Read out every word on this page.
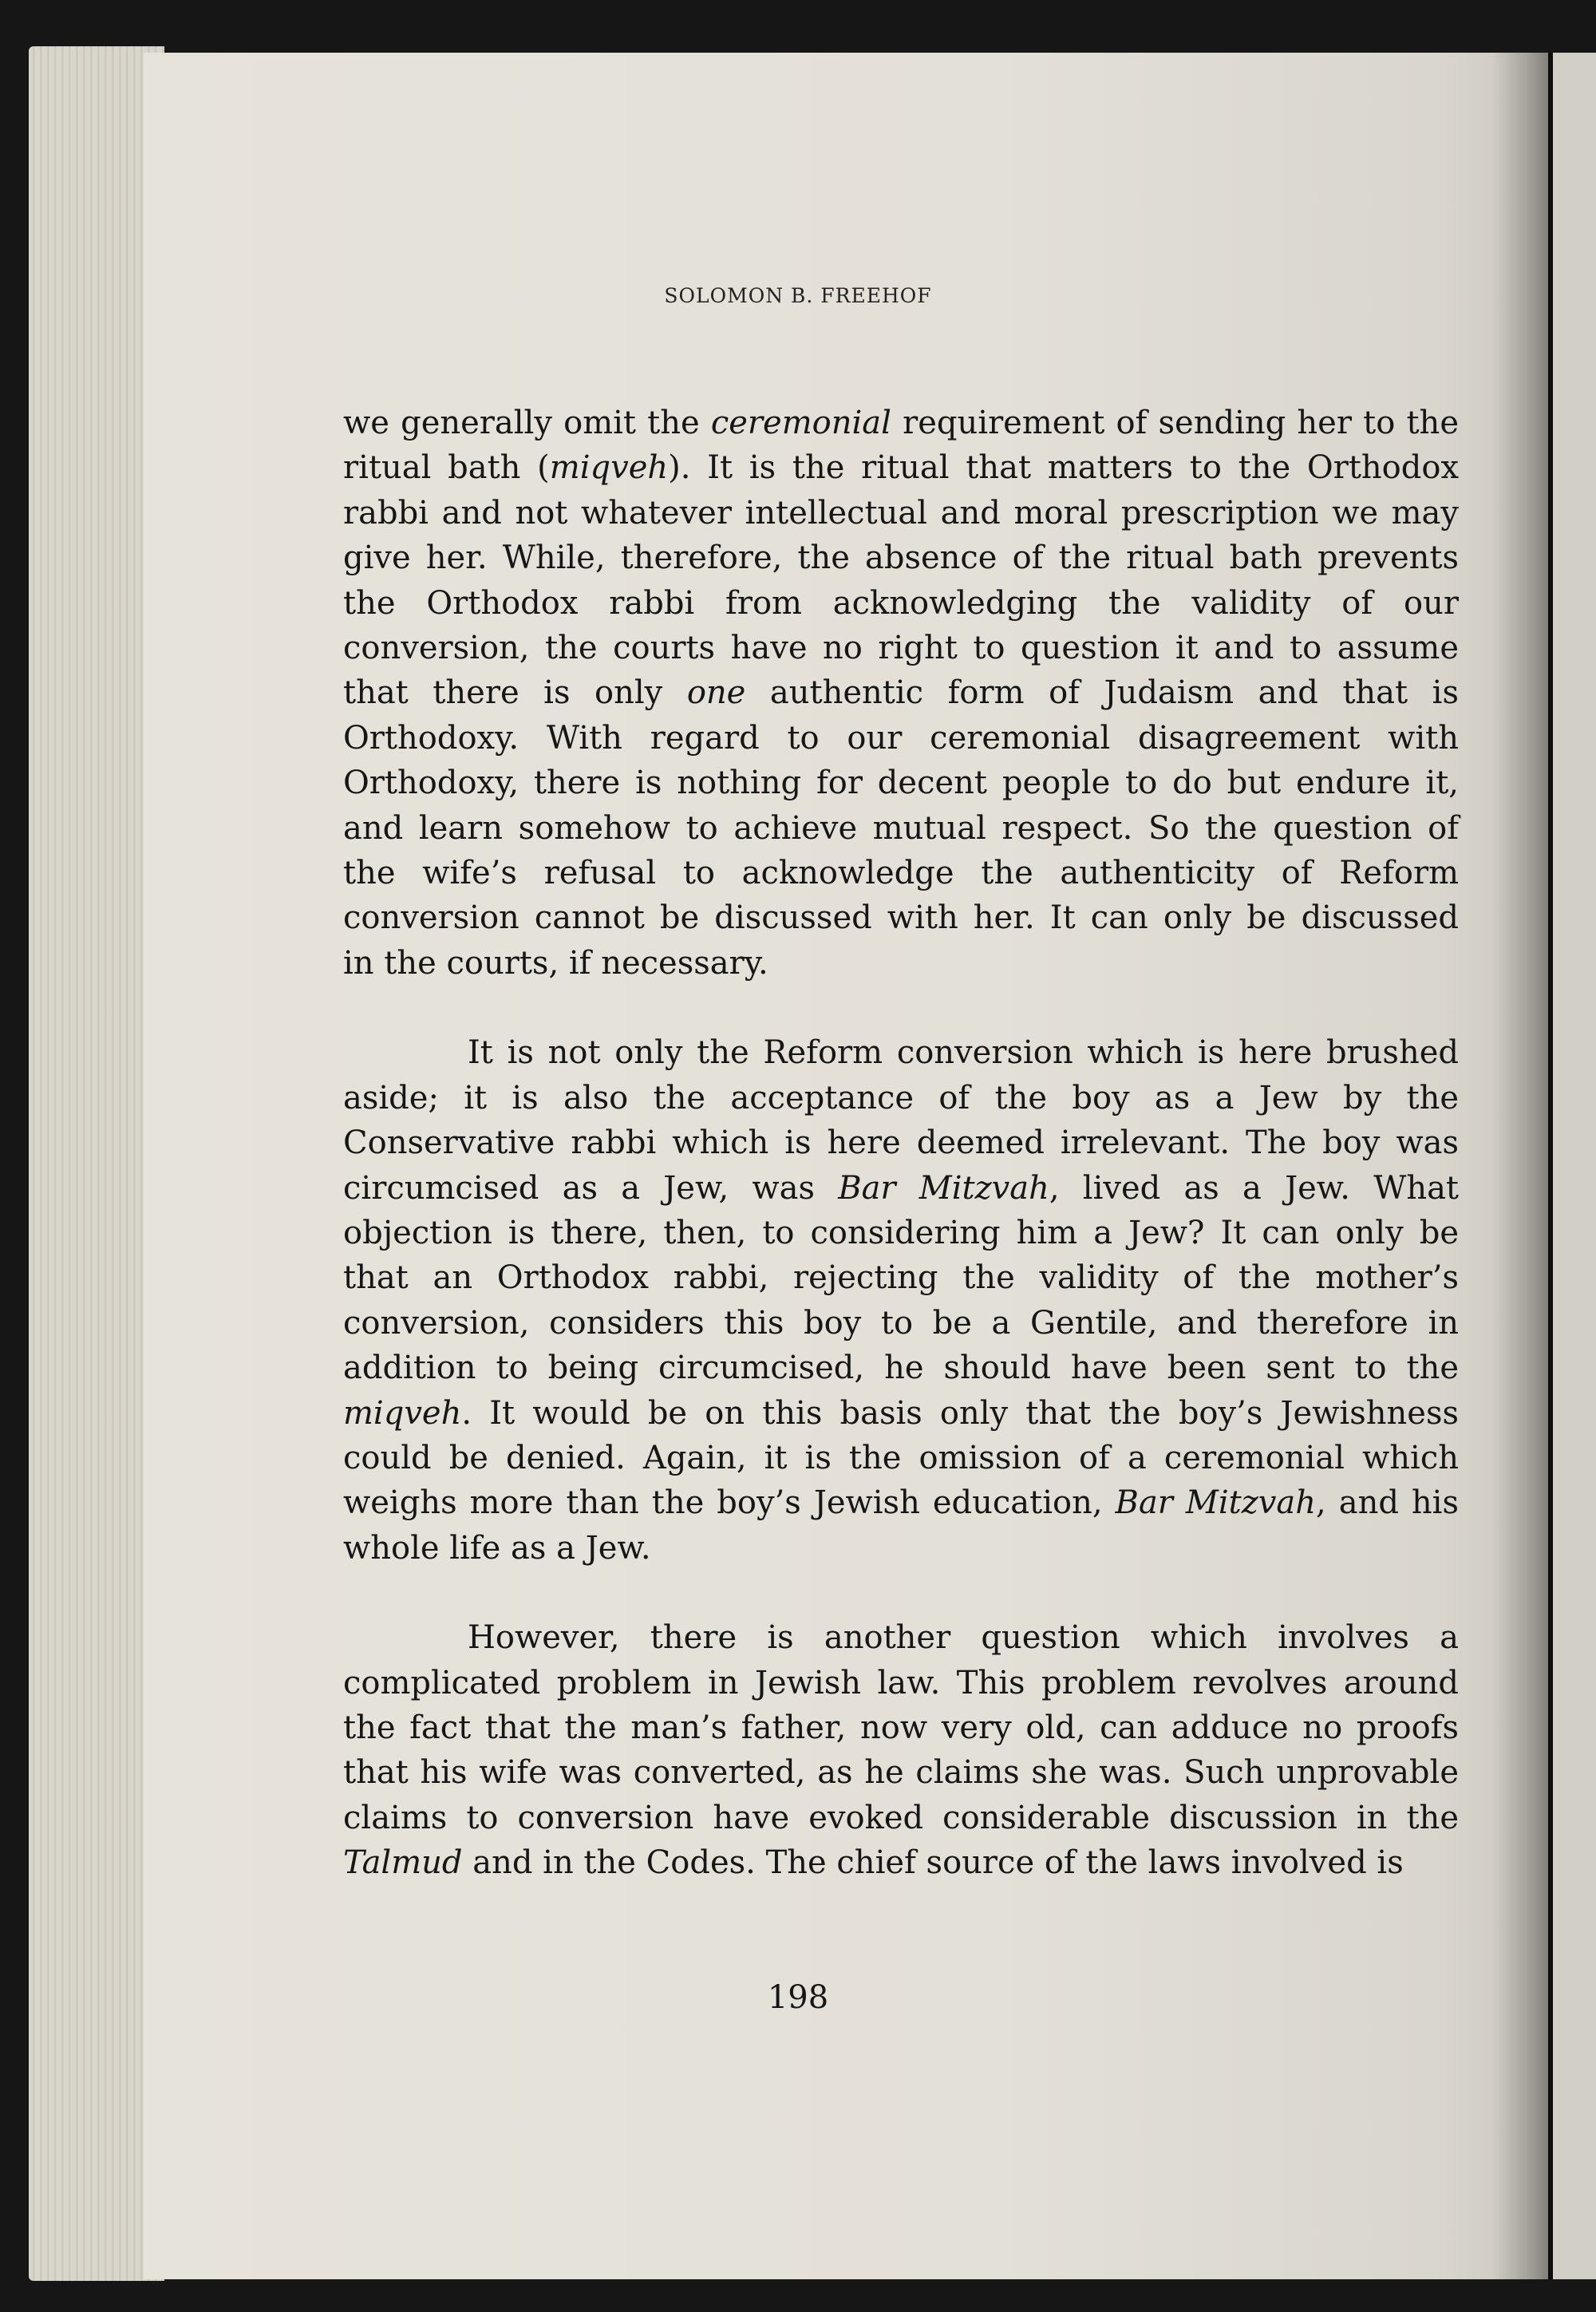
SOLOMON B. FREEHOF
we generally omit the ceremonial requirement of sending her to the
ritual bath (miqveh). It is the ritual that matters to the Orthodox
rabbi and not whatever intellectual and moral prescription we may
give her. While, therefore, the absence of the ritual bath prevents
the Orthodox rabbi from acknowledging the validity of our
conversion, the courts have no right to question it and to assume
that there is only one authentic form of Judaism and that is
Orthodoxy. With regard to our ceremonial disagreement with
Orthodoxy, there is nothing for decent people to do but endure it,
and learn somehow to achieve mutual respect. So the question of
the wife’s refusal to acknowledge the authenticity of Reform
conversion cannot be discussed with her. It can only be discussed
in the courts, if necessary.
It is not only the Reform conversion which is here brushed
aside; it is also the acceptance of the boy as a Jew by the
Conservative rabbi which is here deemed irrelevant. The boy was
circumcised as a Jew, was Bar Mitzvah, lived as a Jew. What
objection is there, then, to considering him a Jew? It can only be
that an Orthodox rabbi, rejecting the validity of the mother’s
conversion, considers this boy to be a Gentile, and therefore in
addition to being circumcised, he should have been sent to the
miqveh. It would be on this basis only that the boy’s Jewishness
could be denied. Again, it is the omission of a ceremonial which
weighs more than the boy’s Jewish education, Bar Mitzvah, and his
whole life as a Jew.
However, there is another question which involves a
complicated problem in Jewish law. This problem revolves around
the fact that the man’s father, now very old, can adduce no proofs
that his wife was converted, as he claims she was. Such unprovable
claims to conversion have evoked considerable discussion in the
Talmud and in the Codes. The chief source of the laws involved is
198
